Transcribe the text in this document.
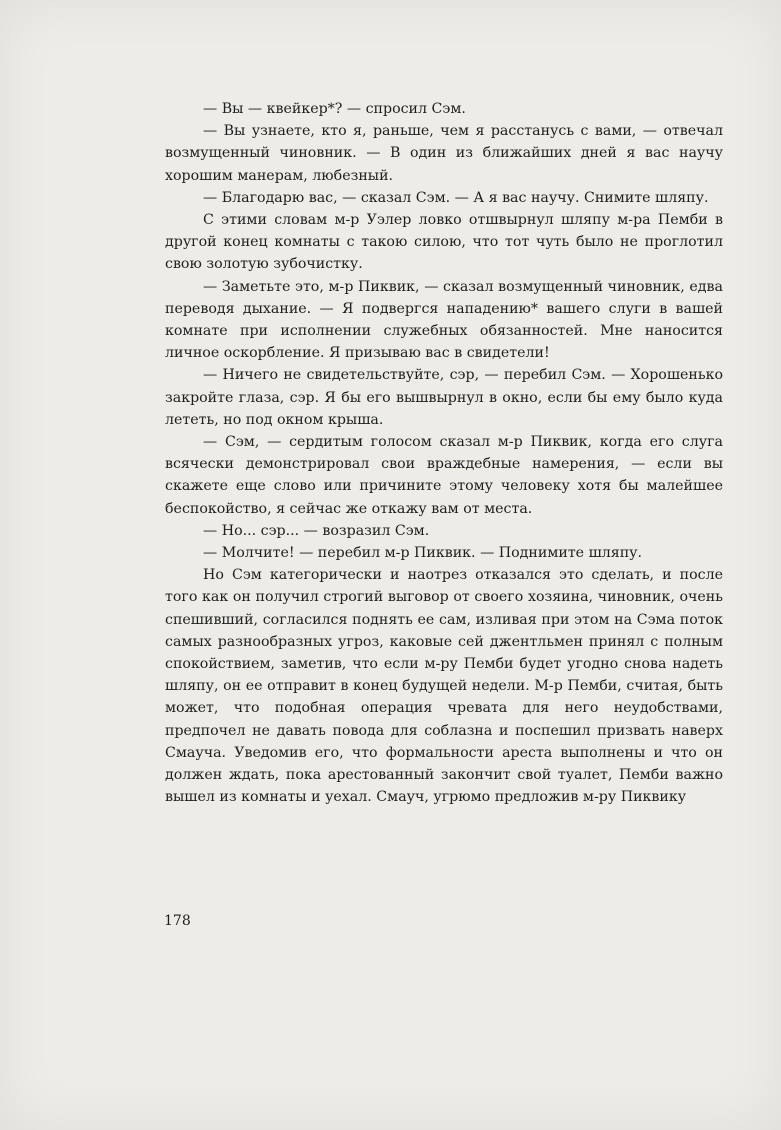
— Вы — квейкер*? — спросил Сэм.

— Вы узнаете, кто я, раньше, чем я расстанусь с вами, — отвечал возмущенный чиновник. — В один из ближайших дней я вас научу хорошим манерам, любезный.

— Благодарю вас, — сказал Сэм. — А я вас научу. Снимите шляпу.

С этими словам м-р Уэлер ловко отшвырнул шляпу м-ра Пемби в другой конец комнаты с такою силою, что тот чуть было не проглотил свою золотую зубочистку.

— Заметьте это, м-р Пиквик, — сказал возмущенный чиновник, едва переводя дыхание. — Я подвергся нападению* вашего слуги в вашей комнате при исполнении служебных обязанностей. Мне наносится личное оскорбление. Я призываю вас в свидетели!

— Ничего не свидетельствуйте, сэр, — перебил Сэм. — Хорошенько закройте глаза, сэр. Я бы его вышвырнул в окно, если бы ему было куда лететь, но под окном крыша.

— Сэм, — сердитым голосом сказал м-р Пиквик, когда его слуга всячески демонстрировал свои враждебные намерения, — если вы скажете еще слово или причините этому человеку хотя бы малейшее беспокойство, я сейчас же откажу вам от места.

— Но... сэр... — возразил Сэм.

— Молчите! — перебил м-р Пиквик. — Поднимите шляпу.

Но Сэм категорически и наотрез отказался это сделать, и после того как он получил строгий выговор от своего хозяина, чиновник, очень спешивший, согласился поднять ее сам, изливая при этом на Сэма поток самых разнообразных угроз, каковые сей джентльмен принял с полным спокойствием, заметив, что если м-ру Пемби будет угодно снова надеть шляпу, он ее отправит в конец будущей недели. М-р Пемби, считая, быть может, что подобная операция чревата для него неудобствами, предпочел не давать повода для соблазна и поспешил призвать наверх Смауча. Уведомив его, что формальности ареста выполнены и что он должен ждать, пока арестованный закончит свой туалет, Пемби важно вышел из комнаты и уехал. Смауч, угрюмо предложив м-ру Пиквику

178
